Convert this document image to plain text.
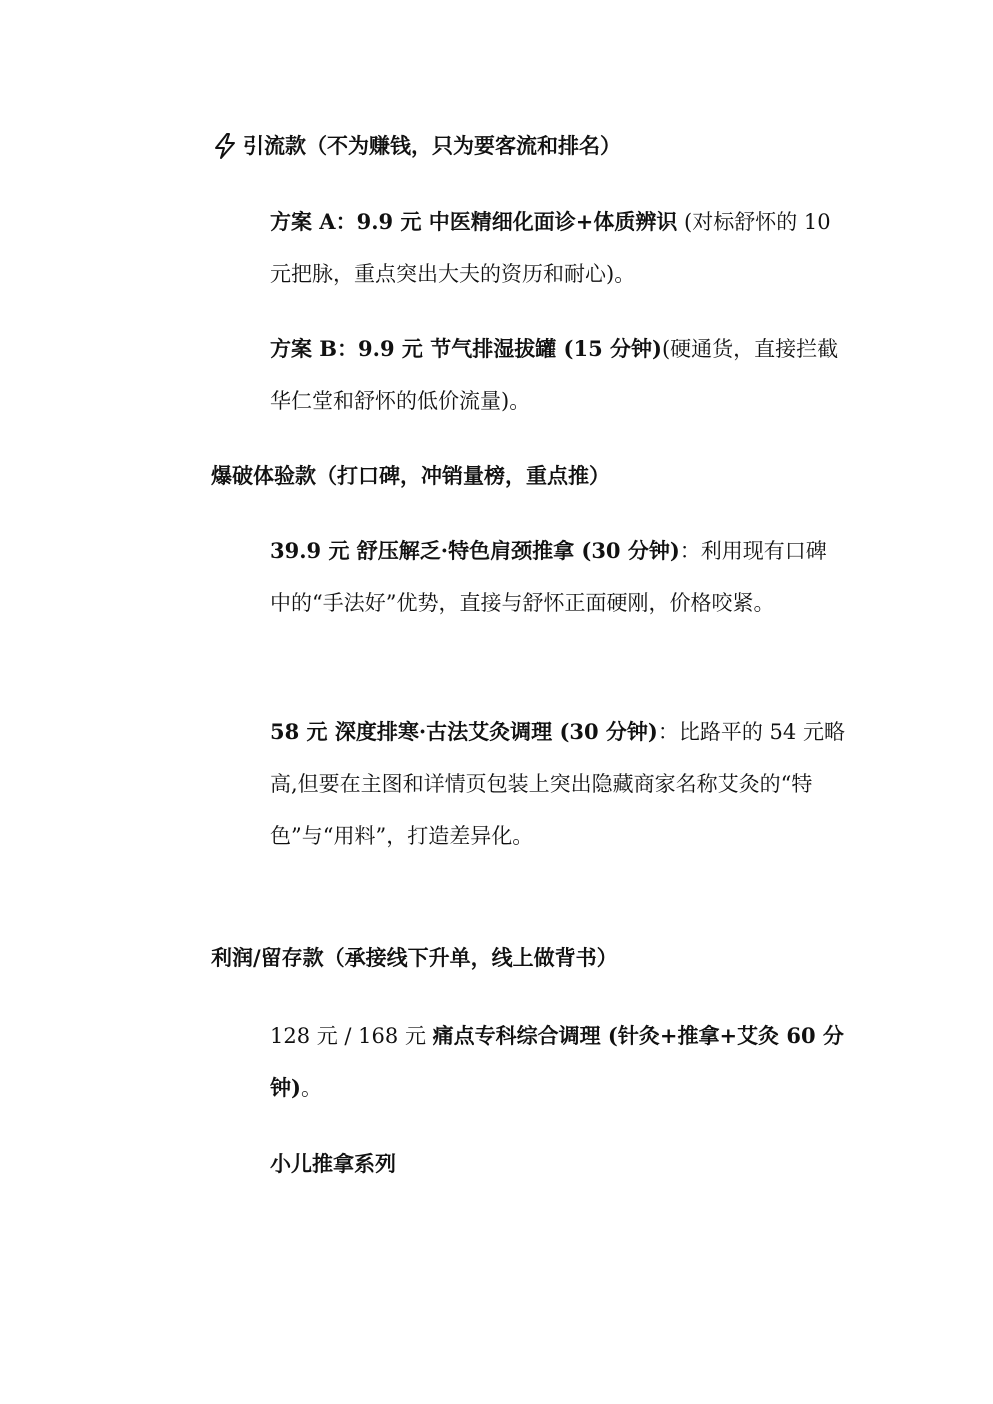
引流款（不为赚钱，只为要客流和排名）
方案 A：9.9 元 中医精细化面诊+体质辨识 (对标舒怀的 10 元把脉，重点突出大夫的资历和耐心)。
方案 B：9.9 元 节气排湿拔罐 (15 分钟)(硬通货，直接拦截华仁堂和舒怀的低价流量)。
爆破体验款（打口碑，冲销量榜，重点推）
39.9 元 舒压解乏·特色肩颈推拿 (30 分钟)：利用现有口碑中的“手法好”优势，直接与舒怀正面硬刚，价格咬紧。
58 元 深度排寒·古法艾灸调理 (30 分钟)：比路平的 54 元略高,但要在主图和详情页包装上突出隐藏商家名称艾灸的“特色”与“用料”，打造差异化。
利润/留存款（承接线下升单，线上做背书）
128 元 / 168 元 痛点专科综合调理 (针灸+推拿+艾灸 60 分钟)。
小儿推拿系列
